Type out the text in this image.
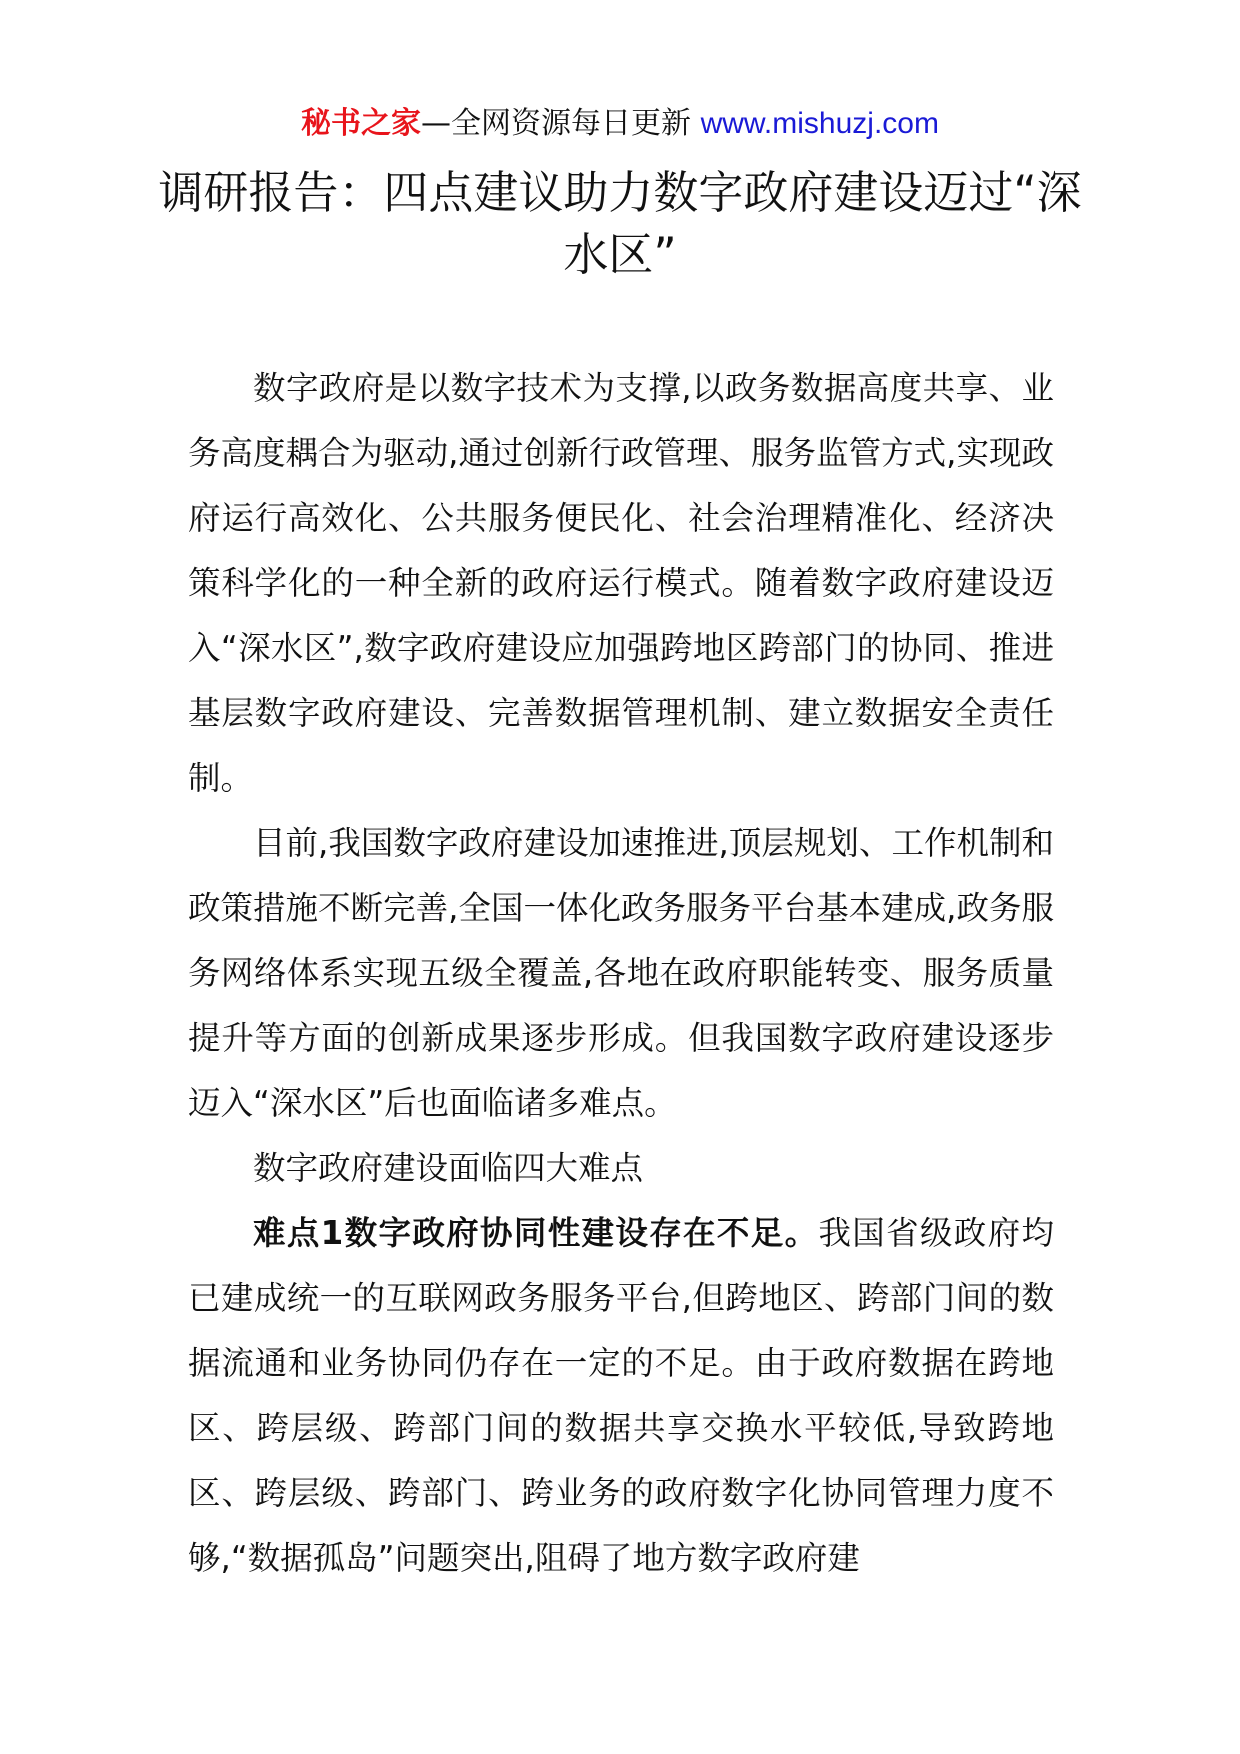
秘书之家—全网资源每日更新 www.mishuzj.com
调研报告：四点建议助力数字政府建设迈过“深水区”

数字政府是以数字技术为支撑,以政务数据高度共享、业务高度耦合为驱动,通过创新行政管理、服务监管方式,实现政府运行高效化、公共服务便民化、社会治理精准化、经济决策科学化的一种全新的政府运行模式。随着数字政府建设迈入“深水区”,数字政府建设应加强跨地区跨部门的协同、推进基层数字政府建设、完善数据管理机制、建立数据安全责任制。

目前,我国数字政府建设加速推进,顶层规划、工作机制和政策措施不断完善,全国一体化政务服务平台基本建成,政务服务网络体系实现五级全覆盖,各地在政府职能转变、服务质量提升等方面的创新成果逐步形成。但我国数字政府建设逐步迈入“深水区”后也面临诸多难点。

数字政府建设面临四大难点

难点1数字政府协同性建设存在不足。我国省级政府均已建成统一的互联网政务服务平台,但跨地区、跨部门间的数据流通和业务协同仍存在一定的不足。由于政府数据在跨地区、跨层级、跨部门间的数据共享交换水平较低,导致跨地区、跨层级、跨部门、跨业务的政府数字化协同管理力度不够,“数据孤岛”问题突出,阻碍了地方数字政府建
